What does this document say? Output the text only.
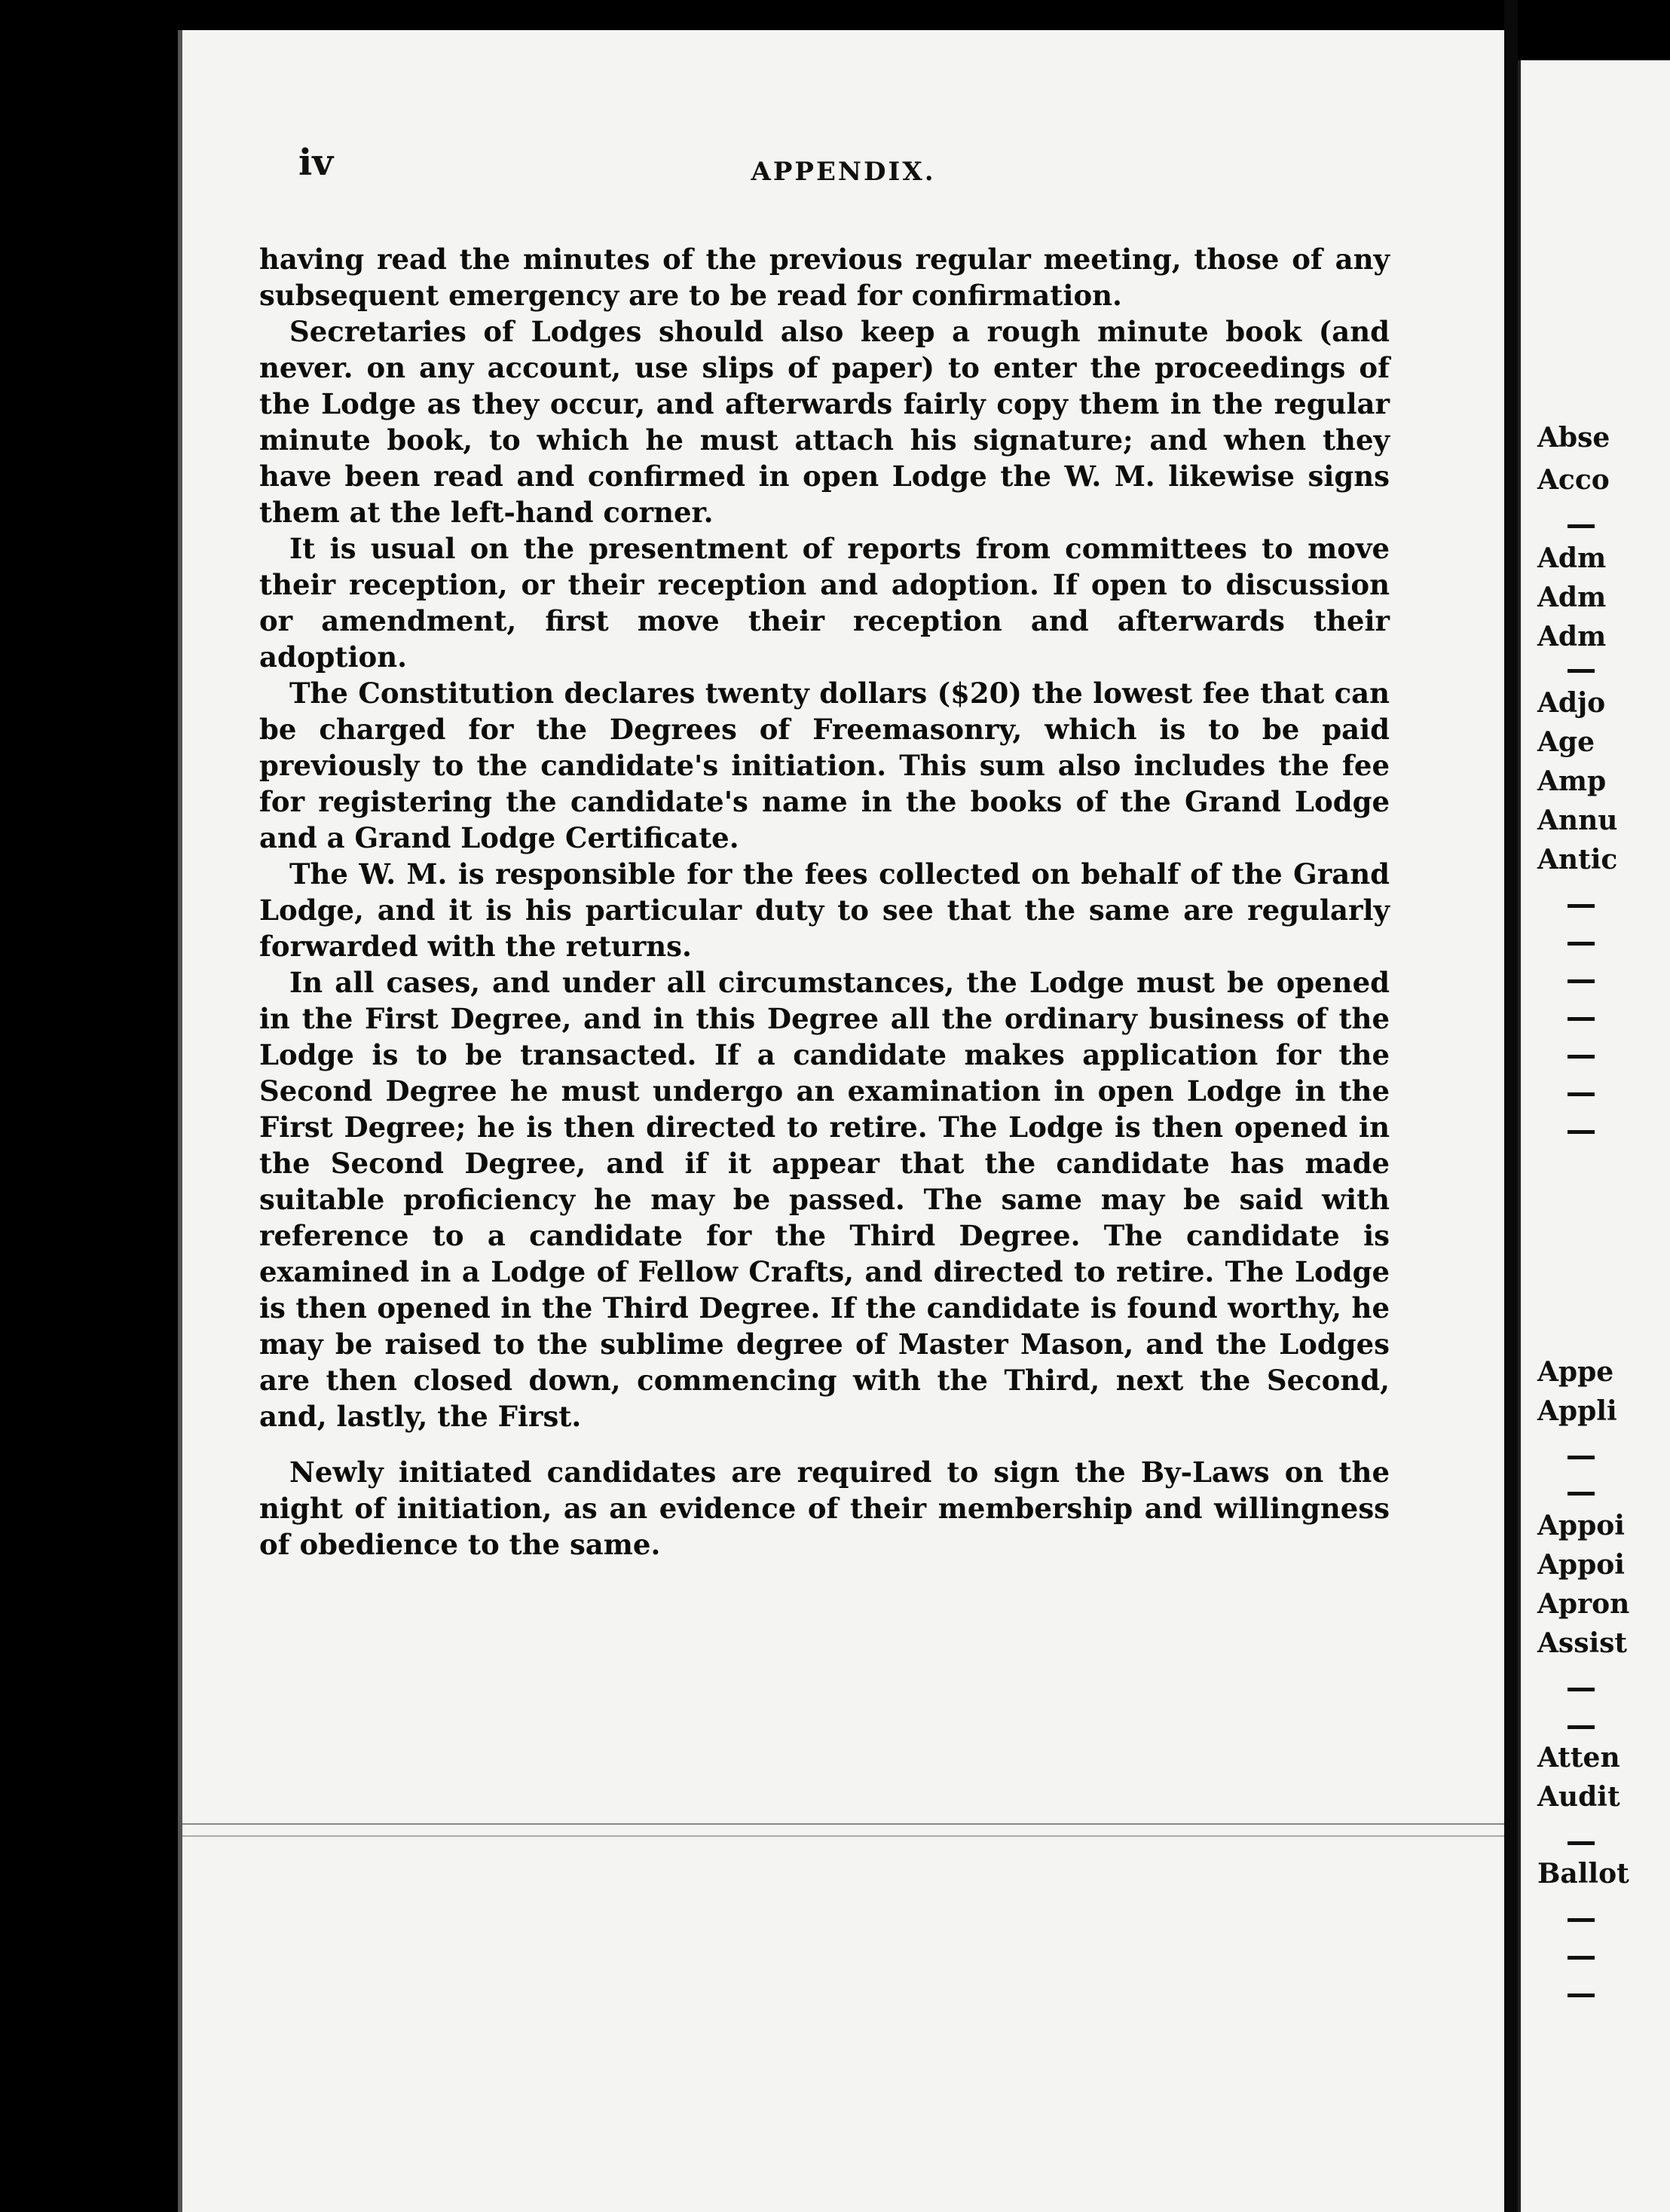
iv	APPENDIX.

having read the minutes of the previous regular meeting, those of any subsequent emergency are to be read for confirmation.

Secretaries of Lodges should also keep a rough minute book (and never. on any account, use slips of paper) to enter the proceedings of the Lodge as they occur, and afterwards fairly copy them in the regular minute book, to which he must attach his signature; and when they have been read and confirmed in open Lodge the W. M. likewise signs them at the left-hand corner.

It is usual on the presentment of reports from committees to move their reception, or their reception and adoption. If open to discussion or amendment, first move their reception and afterwards their adoption.

The Constitution declares twenty dollars ($20) the lowest fee that can be charged for the Degrees of Freemasonry, which is to be paid previously to the candidate's initiation. This sum also includes the fee for registering the candidate's name in the books of the Grand Lodge and a Grand Lodge Certificate.

The W. M. is responsible for the fees collected on behalf of the Grand Lodge, and it is his particular duty to see that the same are regularly forwarded with the returns.

In all cases, and under all circumstances, the Lodge must be opened in the First Degree, and in this Degree all the ordinary business of the Lodge is to be transacted. If a candidate makes application for the Second Degree he must undergo an examination in open Lodge in the First Degree; he is then directed to retire. The Lodge is then opened in the Second Degree, and if it appear that the candidate has made suitable proficiency he may be passed. The same may be said with reference to a candidate for the Third Degree. The candidate is examined in a Lodge of Fellow Crafts, and directed to retire. The Lodge is then opened in the Third Degree. If the candidate is found worthy, he may be raised to the sublime degree of Master Mason, and the Lodges are then closed down, commencing with the Third, next the Second, and, lastly, the First.

Newly initiated candidates are required to sign the By-Laws on the night of initiation, as an evidence of their membership and willingness of obedience to the same.

Abse
Acco
Adm
Adm
Adm
Adjo
Age
Amp
Annu
Antic
Appe
Appli
Appoi
Appoi
Apron
Assist
Atten
Audit
Ballot
